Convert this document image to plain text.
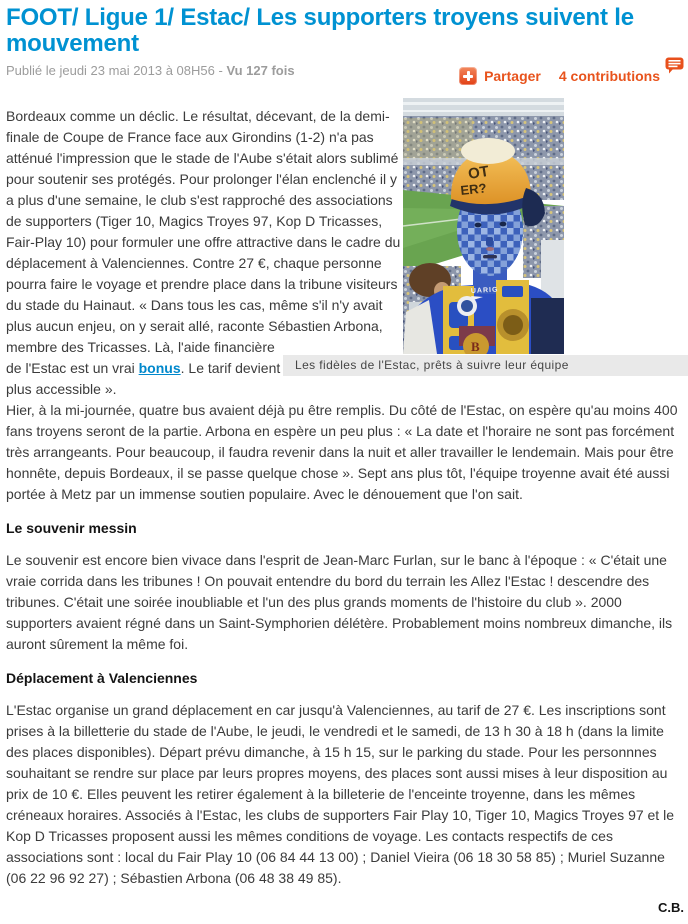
FOOT/ Ligue 1/ Estac/ Les supporters troyens suivent le mouvement
Publié le jeudi 23 mai 2013 à 08H56 - Vu 127 fois	Partager 4 contributions
OT
ER?
UARIG
B
Les fidèles de l'Estac, prêts à suivre leur équipe

Bordeaux comme un déclic. Le résultat, décevant, de la demi-finale de Coupe de France face aux Girondins (1-2) n'a pas atténué l'impression que le stade de l'Aube s'était alors sublimé pour soutenir ses protégés. Pour prolonger l'élan enclenché il y a plus d'une semaine, le club s'est rapproché des associations de supporters (Tiger 10, Magics Troyes 97, Kop D Tricasses, Fair-Play 10) pour formuler une offre attractive dans le cadre du déplacement à Valenciennes. Contre 27 €, chaque personne pourra faire le voyage et prendre place dans la tribune visiteurs du stade du Hainaut. « Dans tous les cas, même s'il n'y avait plus aucun enjeu, on y serait allé, raconte Sébastien Arbona, membre des Tricasses. Là, l'aide financière de l'Estac est un vrai bonus. Le tarif devient plus accessible ».
Hier, à la mi-journée, quatre bus avaient déjà pu être remplis. Du côté de l'Estac, on espère qu'au moins 400 fans troyens seront de la partie. Arbona en espère un peu plus : « La date et l'horaire ne sont pas forcément très arrangeants. Pour beaucoup, il faudra revenir dans la nuit et aller travailler le lendemain. Mais pour être honnête, depuis Bordeaux, il se passe quelque chose ». Sept ans plus tôt, l'équipe troyenne avait été aussi portée à Metz par un immense soutien populaire. Avec le dénouement que l'on sait.

Le souvenir messin

Le souvenir est encore bien vivace dans l'esprit de Jean-Marc Furlan, sur le banc à l'époque : « C'était une vraie corrida dans les tribunes ! On pouvait entendre du bord du terrain les Allez l'Estac ! descendre des tribunes. C'était une soirée inoubliable et l'un des plus grands moments de l'histoire du club ». 2000 supporters avaient régné dans un Saint-Symphorien délétère. Probablement moins nombreux dimanche, ils auront sûrement la même foi.

Déplacement à Valenciennes

L'Estac organise un grand déplacement en car jusqu'à Valenciennes, au tarif de 27 €. Les inscriptions sont prises à la billetterie du stade de l'Aube, le jeudi, le vendredi et le samedi, de 13 h 30 à 18 h (dans la limite des places disponibles). Départ prévu dimanche, à 15 h 15, sur le parking du stade. Pour les personnnes souhaitant se rendre sur place par leurs propres moyens, des places sont aussi mises à leur disposition au prix de 10 €. Elles peuvent les retirer également à la billeterie de l'enceinte troyenne, dans les mêmes créneaux horaires. Associés à l'Estac, les clubs de supporters Fair Play 10, Tiger 10, Magics Troyes 97 et le Kop D Tricasses proposent aussi les mêmes conditions de voyage. Les contacts respectifs de ces associations sont : local du Fair Play 10 (06 84 44 13 00) ; Daniel Vieira (06 18 30 58 85) ; Muriel Suzanne (06 22 96 92 27) ; Sébastien Arbona (06 48 38 49 85).

C.B.
